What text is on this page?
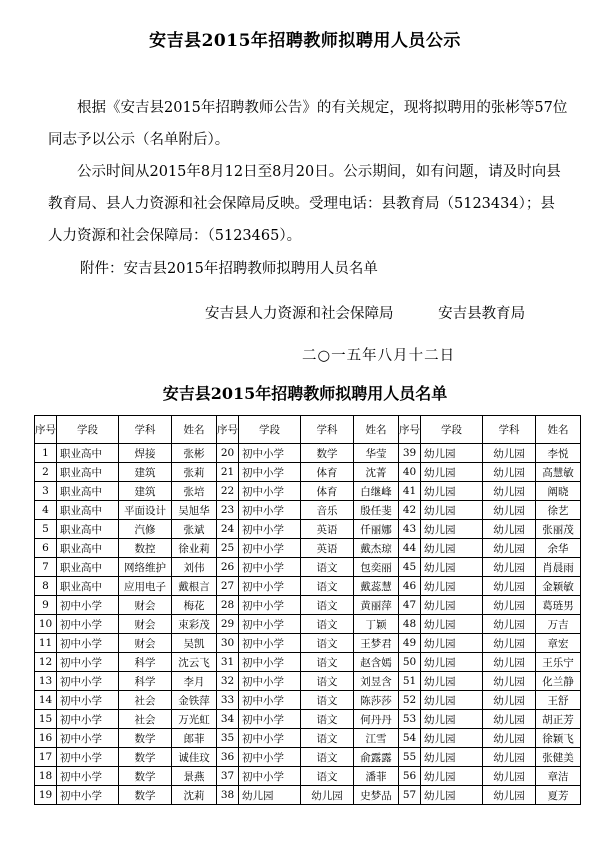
安吉县2015年招聘教师拟聘用人员公示

根据《安吉县2015年招聘教师公告》的有关规定，现将拟聘用的张彬等57位同志予以公示（名单附后）。

公示时间从2015年8月12日至8月20日。公示期间，如有问题，请及时向县教育局、县人力资源和社会保障局反映。受理电话：县教育局（5123434）；县人力资源和社会保障局：（5123465）。

附件：安吉县2015年招聘教师拟聘用人员名单

安吉县人力资源和社会保障局	安吉县教育局
二○一五年八月十二日
安吉县2015年招聘教师拟聘用人员名单
序号	学段	学科	姓名	序号	学段	学科	姓名	序号	学段	学科	姓名
1	职业高中	焊接	张彬	20	初中小学	数学	华莹	39	幼儿园	幼儿园	李悦
2	职业高中	建筑	张莉	21	初中小学	体育	沈菁	40	幼儿园	幼儿园	高慧敏
3	职业高中	建筑	张培	22	初中小学	体育	白继峰	41	幼儿园	幼儿园	阐晓
4	职业高中	平面设计	吴旭华	23	初中小学	音乐	殷任斐	42	幼儿园	幼儿园	徐艺
5	职业高中	汽修	张斌	24	初中小学	英语	仟丽娜	43	幼儿园	幼儿园	张丽茂
6	职业高中	数控	徐业莉	25	初中小学	英语	戴杰琼	44	幼儿园	幼儿园	余华
7	职业高中	网络维护	刘伟	26	初中小学	语文	包奕丽	45	幼儿园	幼儿园	肖晨雨
8	职业高中	应用电子	戴根言	27	初中小学	语文	戴蕊慧	46	幼儿园	幼儿园	金颖敏
9	初中小学	财会	梅花	28	初中小学	语文	黄丽萍	47	幼儿园	幼儿园	葛琏男
10	初中小学	财会	束彩茂	29	初中小学	语文	丁颖	48	幼儿园	幼儿园	万吉
11	初中小学	财会	吴凯	30	初中小学	语文	王梦君	49	幼儿园	幼儿园	章宏
12	初中小学	科学	沈云飞	31	初中小学	语文	赵含嫣	50	幼儿园	幼儿园	王乐宁
13	初中小学	科学	李月	32	初中小学	语文	刘昱含	51	幼儿园	幼儿园	化兰静
14	初中小学	社会	金铁萍	33	初中小学	语文	陈莎莎	52	幼儿园	幼儿园	王舒
15	初中小学	社会	万光虹	34	初中小学	语文	何丹丹	53	幼儿园	幼儿园	胡正芳
16	初中小学	数学	郎菲	35	初中小学	语文	江雪	54	幼儿园	幼儿园	徐颖飞
17	初中小学	数学	诚佳玟	36	初中小学	语文	俞露露	55	幼儿园	幼儿园	张健美
18	初中小学	数学	景燕	37	初中小学	语文	潘菲	56	幼儿园	幼儿园	章洁
19	初中小学	数学	沈莉	38	幼儿园	幼儿园	史梦品	57	幼儿园	幼儿园	夏芳
